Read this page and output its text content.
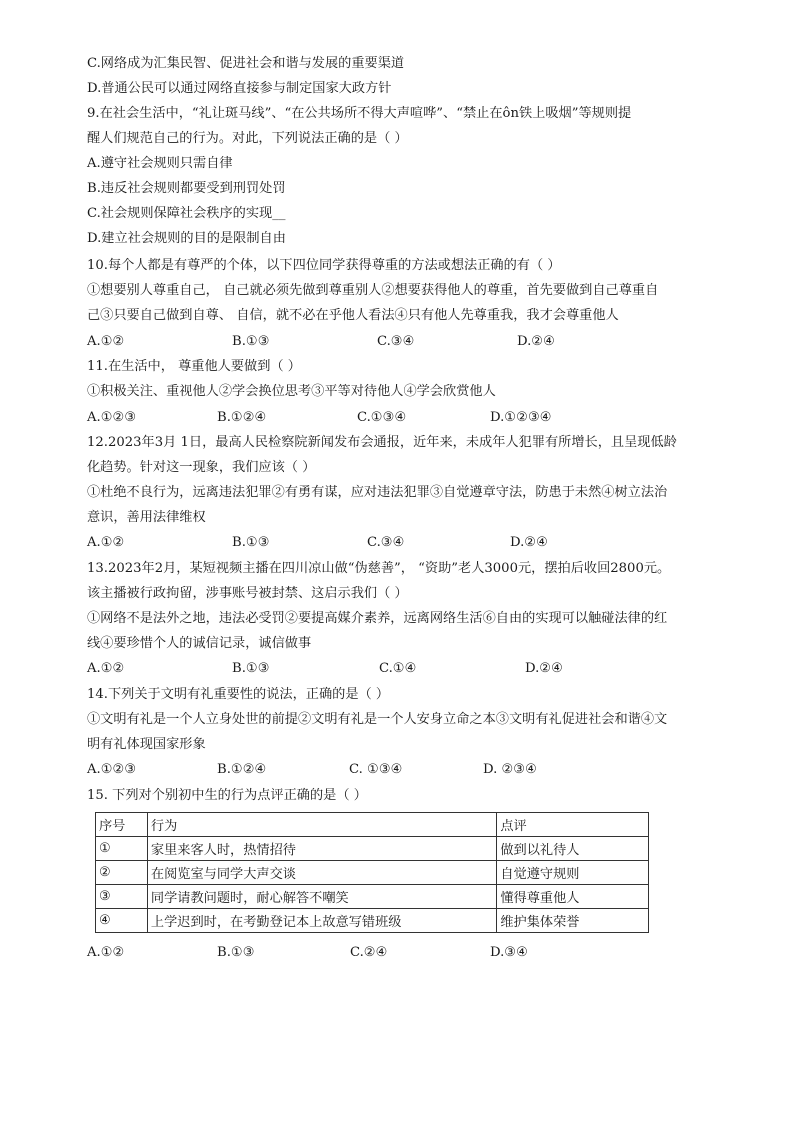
C.网络成为汇集民智、促进社会和谐与发展的重要渠道
D.普通公民可以通过网络直接参与制定国家大政方针
9.在社会生活中，“礼让斑马线”、“在公共场所不得大声喧哗”、“禁止在ôn铁上吸烟”等规则提
醒人们规范自己的行为。对此，下列说法正确的是（ ）
A.遵守社会规则只需自律
B.违反社会规则都要受到刑罚处罚
C.社会规则保障社会秩序的实现__
D.建立社会规则的目的是限制自由
10.每个人都是有尊严的个体，以下四位同学获得尊重的方法或想法正确的有（ ）
①想要别人尊重自己， 自己就必须先做到尊重别人②想要获得他人的尊重，首先要做到自己尊重自
己③只要自己做到自尊、 自信，就不必在乎他人看法④只有他人先尊重我，我才会尊重他人
A.①②	B.①③	C.③④	D.②④
11.在生活中， 尊重他人要做到（ ）
①积极关注、重视他人②学会换位思考③平等对待他人④学会欣赏他人
A.①②③	B.①②④	C.①③④	D.①②③④
12.2023年3月 1日，最高人民检察院新闻发布会通报，近年来，未成年人犯罪有所增长，且呈现低龄
化趋势。针对这一现象，我们应该（ ）
①杜绝不良行为，远离违法犯罪②有勇有谋，应对违法犯罪③自觉遵章守法，防患于未然④树立法治
意识，善用法律维权
A.①②	B.①③	C.③④	D.②④
13.2023年2月，某短视频主播在四川凉山做“伪慈善”， “资助”老人3000元，摆拍后收回2800元。
该主播被行政拘留，涉事账号被封禁、这启示我们（ ）
①网络不是法外之地，违法必受罚②要提高媒介素养，远离网络生活⑥自由的实现可以触碰法律的红
线④要珍惜个人的诚信记录，诚信做事
A.①②	B.①③	C.①④	D.②④
14.下列关于文明有礼重要性的说法，正确的是（ ）
①文明有礼是一个人立身处世的前提②文明有礼是一个人安身立命之本③文明有礼促进社会和谐④文
明有礼体现国家形象
A.①②③	B.①②④	C. ①③④	D. ②③④
15. 下列对个别初中生的行为点评正确的是（ ）
序号	行为	点评
①	家里来客人时，热情招待	做到以礼待人
②	在阅览室与同学大声交谈	自觉遵守规则
③	同学请教问题时，耐心解答不嘲笑	懂得尊重他人
④	上学迟到时，在考勤登记本上故意写错班级	维护集体荣誉
A.①②	B.①③	C.②④	D.③④
